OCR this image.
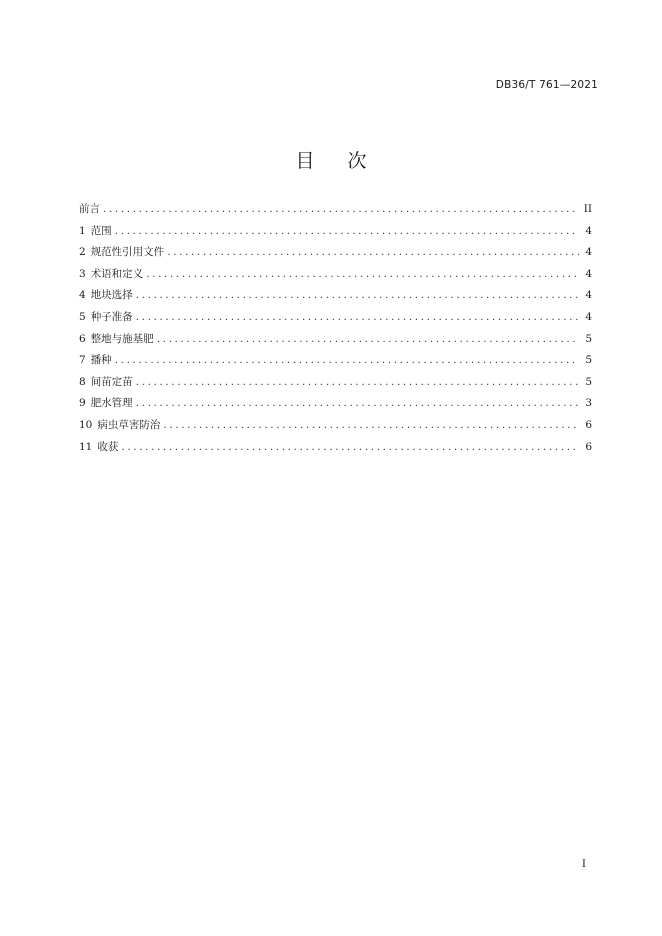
DB36/T 761—2021
目 次
前言 .....	II
1 范围 .....	4
2 规范性引用文件 .....	4
3 术语和定义 .....	4
4 地块选择 .....	4
5 种子准备 .....	4
6 整地与施基肥 .....	5
7 播种 .....	5
8 间苗定苗 .....	5
9 肥水管理 .....	3
10 病虫草害防治 .....	6
11 收获 .....	6
I
